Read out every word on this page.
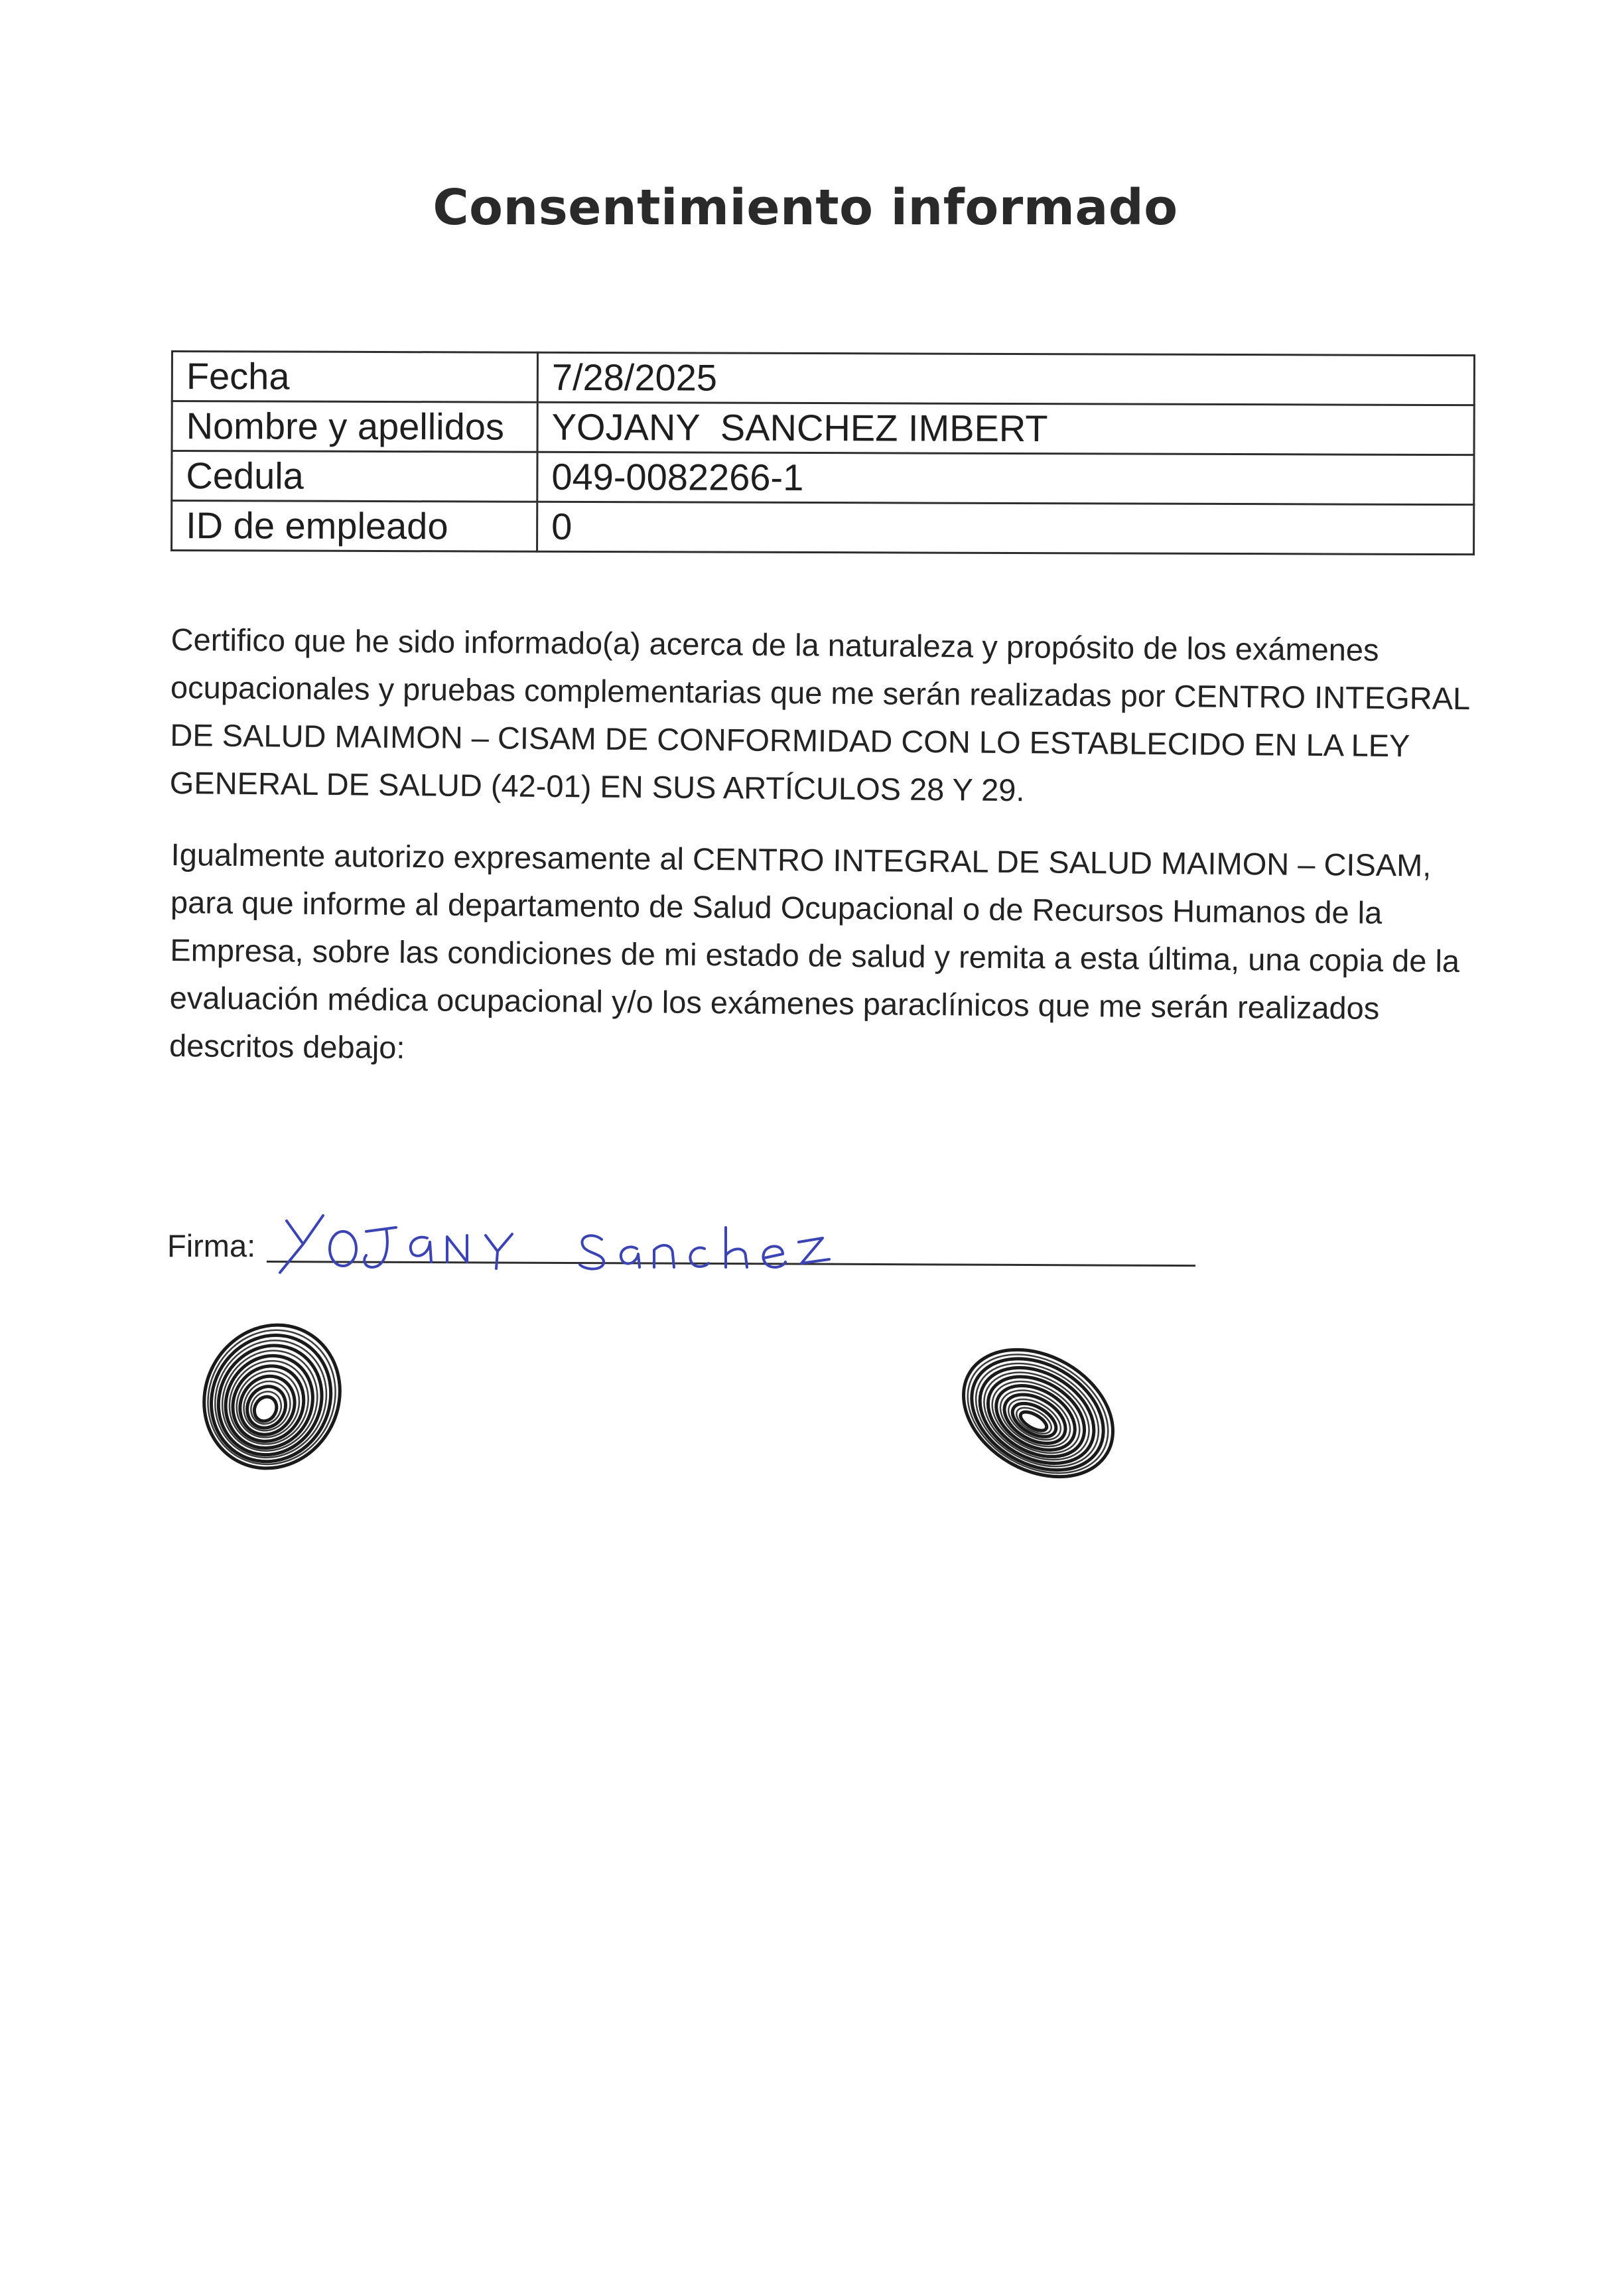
Consentimiento informado
Fecha	7/28/2025
Nombre y apellidos	YOJANY  SANCHEZ IMBERT
Cedula	049-0082266-1
ID de empleado	0

Certifico que he sido informado(a) acerca de la naturaleza y propósito de los exámenes ocupacionales y pruebas complementarias que me serán realizadas por CENTRO INTEGRAL DE SALUD MAIMON – CISAM DE CONFORMIDAD CON LO ESTABLECIDO EN LA LEY GENERAL DE SALUD (42-01) EN SUS ARTÍCULOS 28 Y 29.

Igualmente autorizo expresamente al CENTRO INTEGRAL DE SALUD MAIMON – CISAM, para que informe al departamento de Salud Ocupacional o de Recursos Humanos de la Empresa, sobre las condiciones de mi estado de salud y remita a esta última, una copia de la evaluación médica ocupacional y/o los exámenes paraclínicos que me serán realizados descritos debajo:

Firma:
